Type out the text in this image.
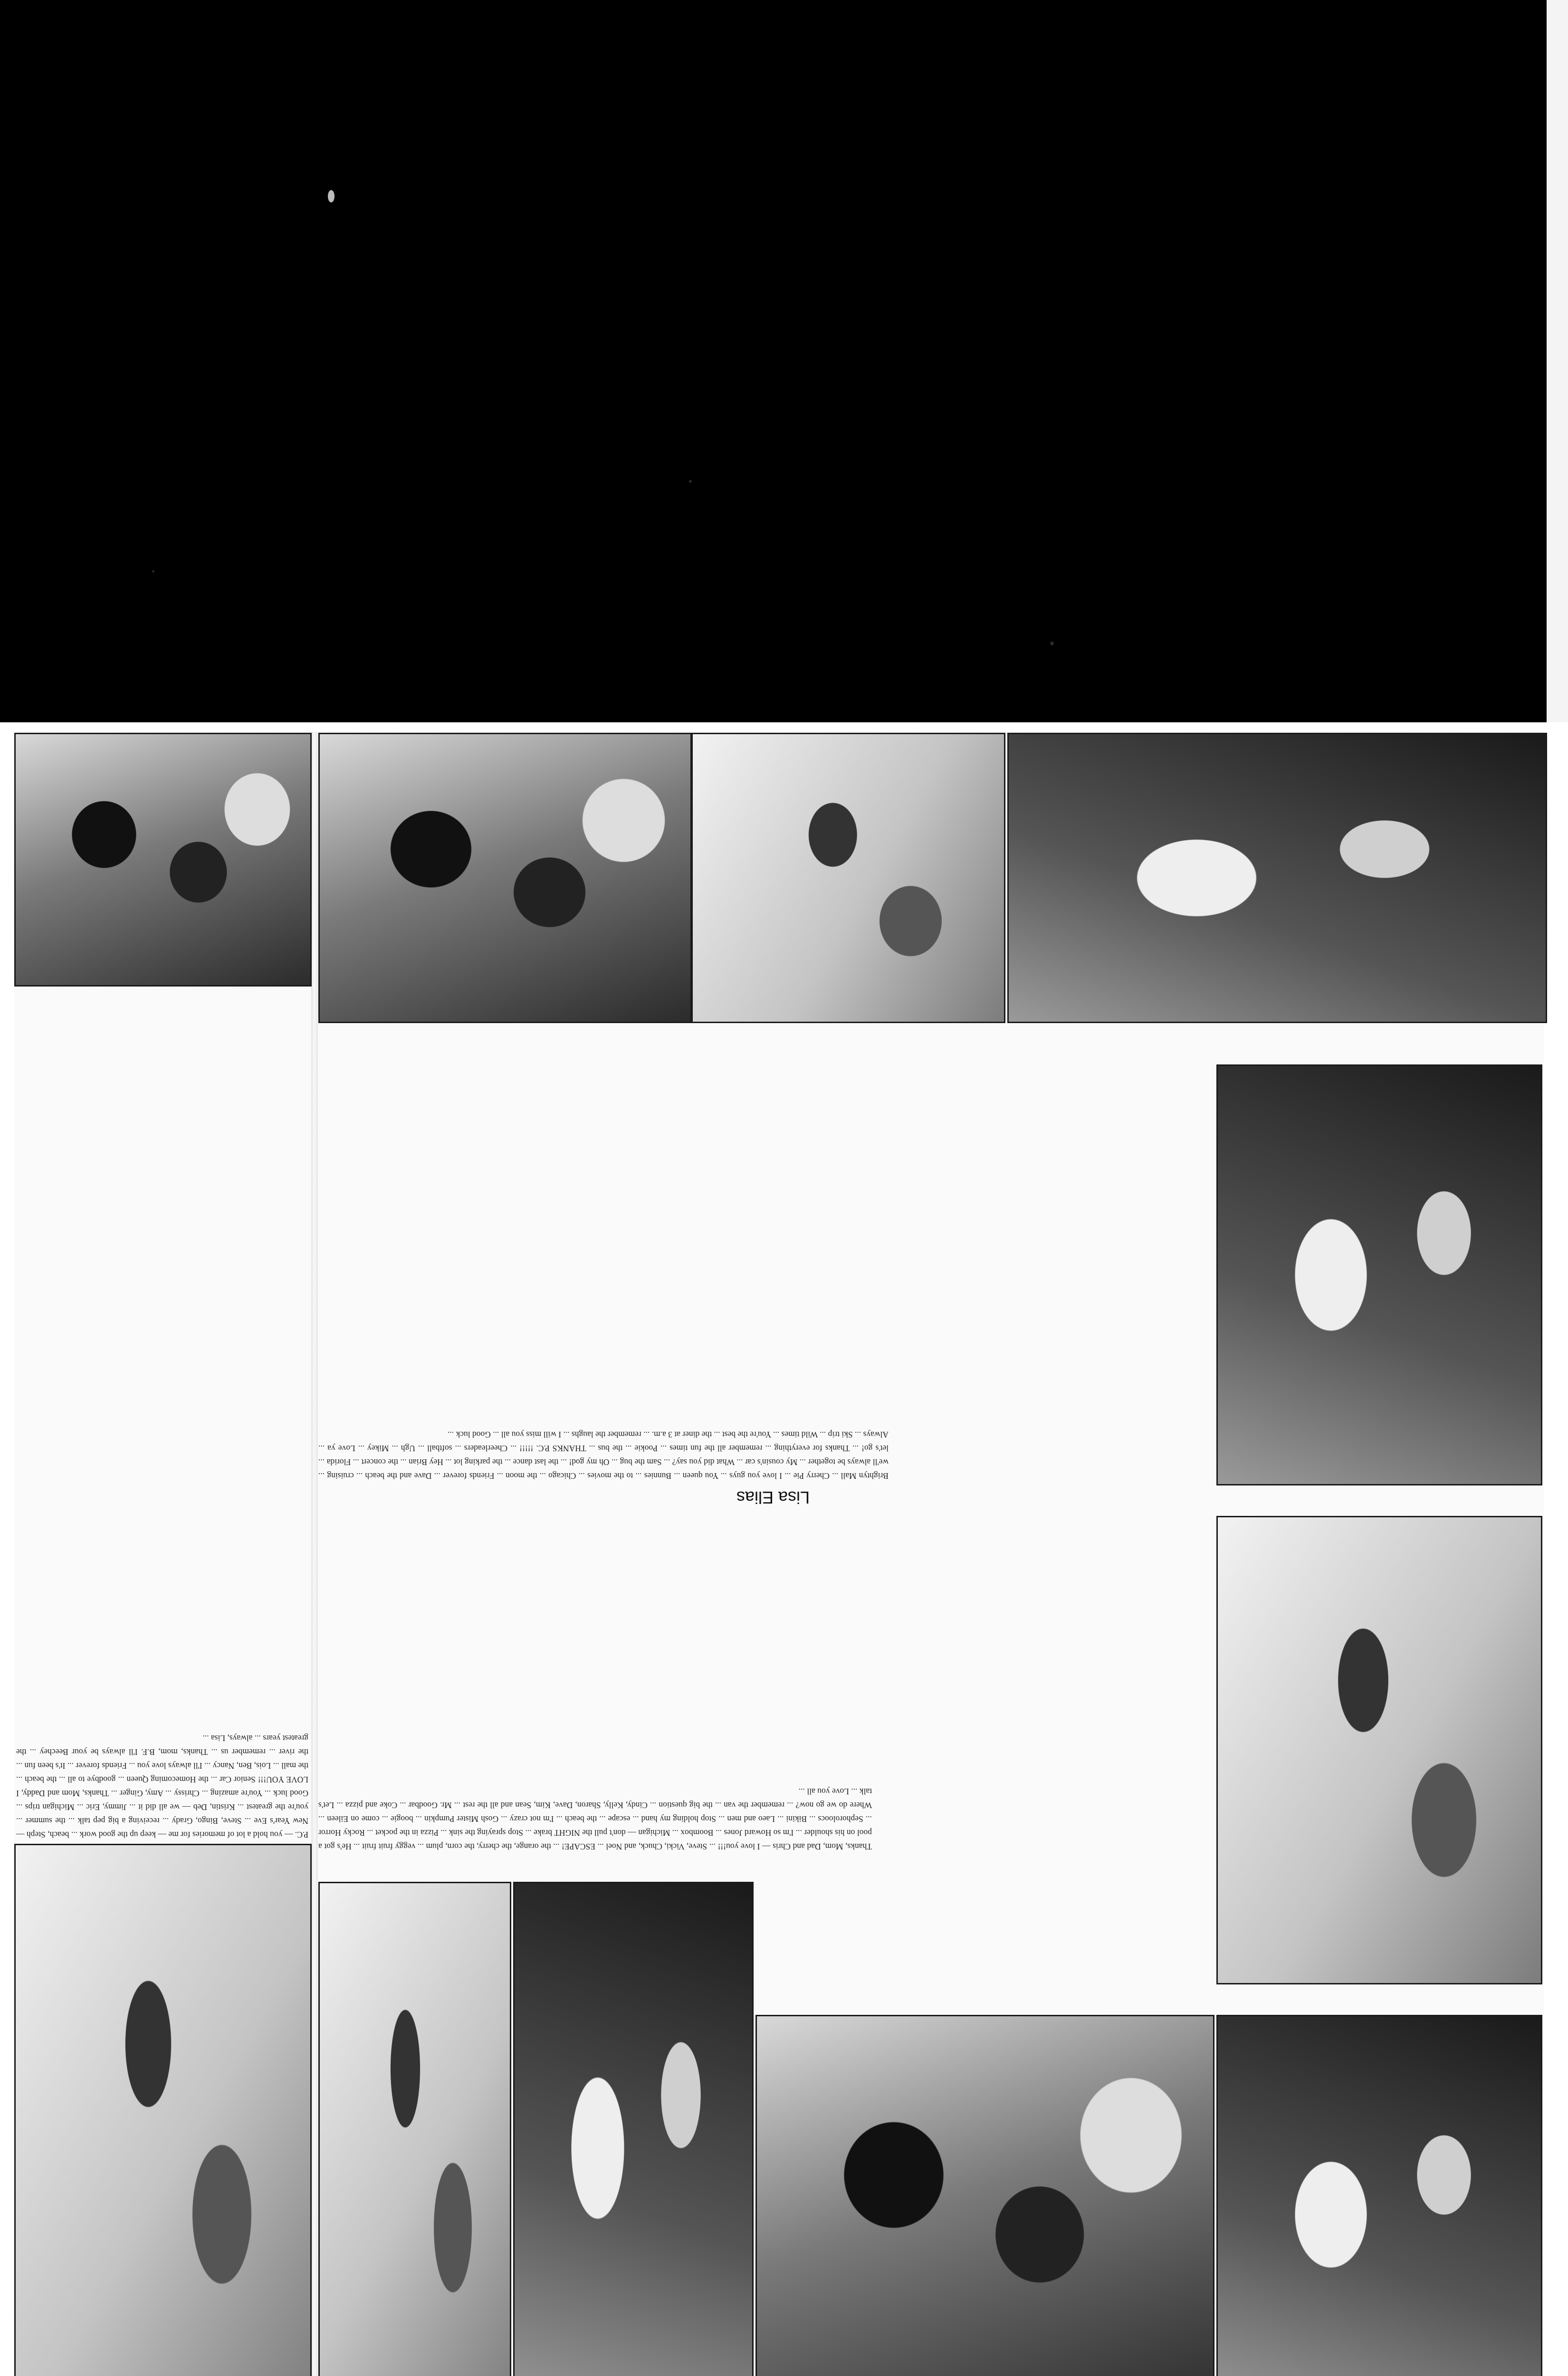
P.C. — you hold a lot of memories for me — keep up the good work ... beach, Steph — New Year's Eve ... Steve, Bingo, Grady ... receiving a big pep talk ... the summer ... you're the greatest ... Kristin, Deb — we all did it ... Jimmy, Eric ... Michigan trips ... Good luck ... You're amazing ... Chrissy ... Amy, Ginger ... Thanks, Mom and Daddy, I LOVE YOU!!! Senior Car ... the Homecoming Queen ... goodbye to all ... the beach ... the mall ... Lois, Ben, Nancy ... I'll always love you ... Friends forever ... It's been fun ... the river ... remember us ... Thanks, mom, B.F. I'll always be your Beechey ... the greatest years ... always, Lisa ...
Brightyn Mall ... Cherry Pie ... I love you guys ... You queen ... Bunnies ... to the movies ... Chicago ... the moon ... Friends forever ... Dave and the beach ... cruising ... we'll always be together ... My cousin's car ... What did you say? ... Sam the bug ... Oh my god! ... the last dance ... the parking lot ... Hey Brian ... the concert ... Florida ... let's go! ... Thanks for everything ... remember all the fun times ... Pookie ... the bus ... THANKS P.C. !!!!! ... Cheerleaders ... softball ... Ugh ... Mikey ... Love ya ... Always ... Ski trip ... Wild times ... You're the best ... the diner at 3 a.m. ... remember the laughs ... I will miss you all ... Good luck ...
Lisa Elias
Thanks, Mom, Dad and Chris — I love you!!! ... Steve, Vicki, Chuck, and Noel ... ESCAPE! ... the orange, the cherry, the corn, plum ... veggy fruit fruit ... He's got a pool on his shoulder ... I'm so Howard Jones ... Boombox ... Michigan — don't pull the NIGHT brake ... Stop spraying the sink ... Pizza in the pocket ... Rocky Horror ... Sephoroloocs ... Bikini ... Laeo and men ... Stop holding my hand ... escape ... the beach ... I'm not crazy ... Gosh Mister Pumpkin ... boogie ... come on Eileen ... Where do we go now? ... remember the van ... the big question ... Cindy, Kelly, Sharon, Dave, Kim, Sean and all the rest ... Mr. Goodbar ... Coke and pizza ... Let's talk ... Love you all ...
